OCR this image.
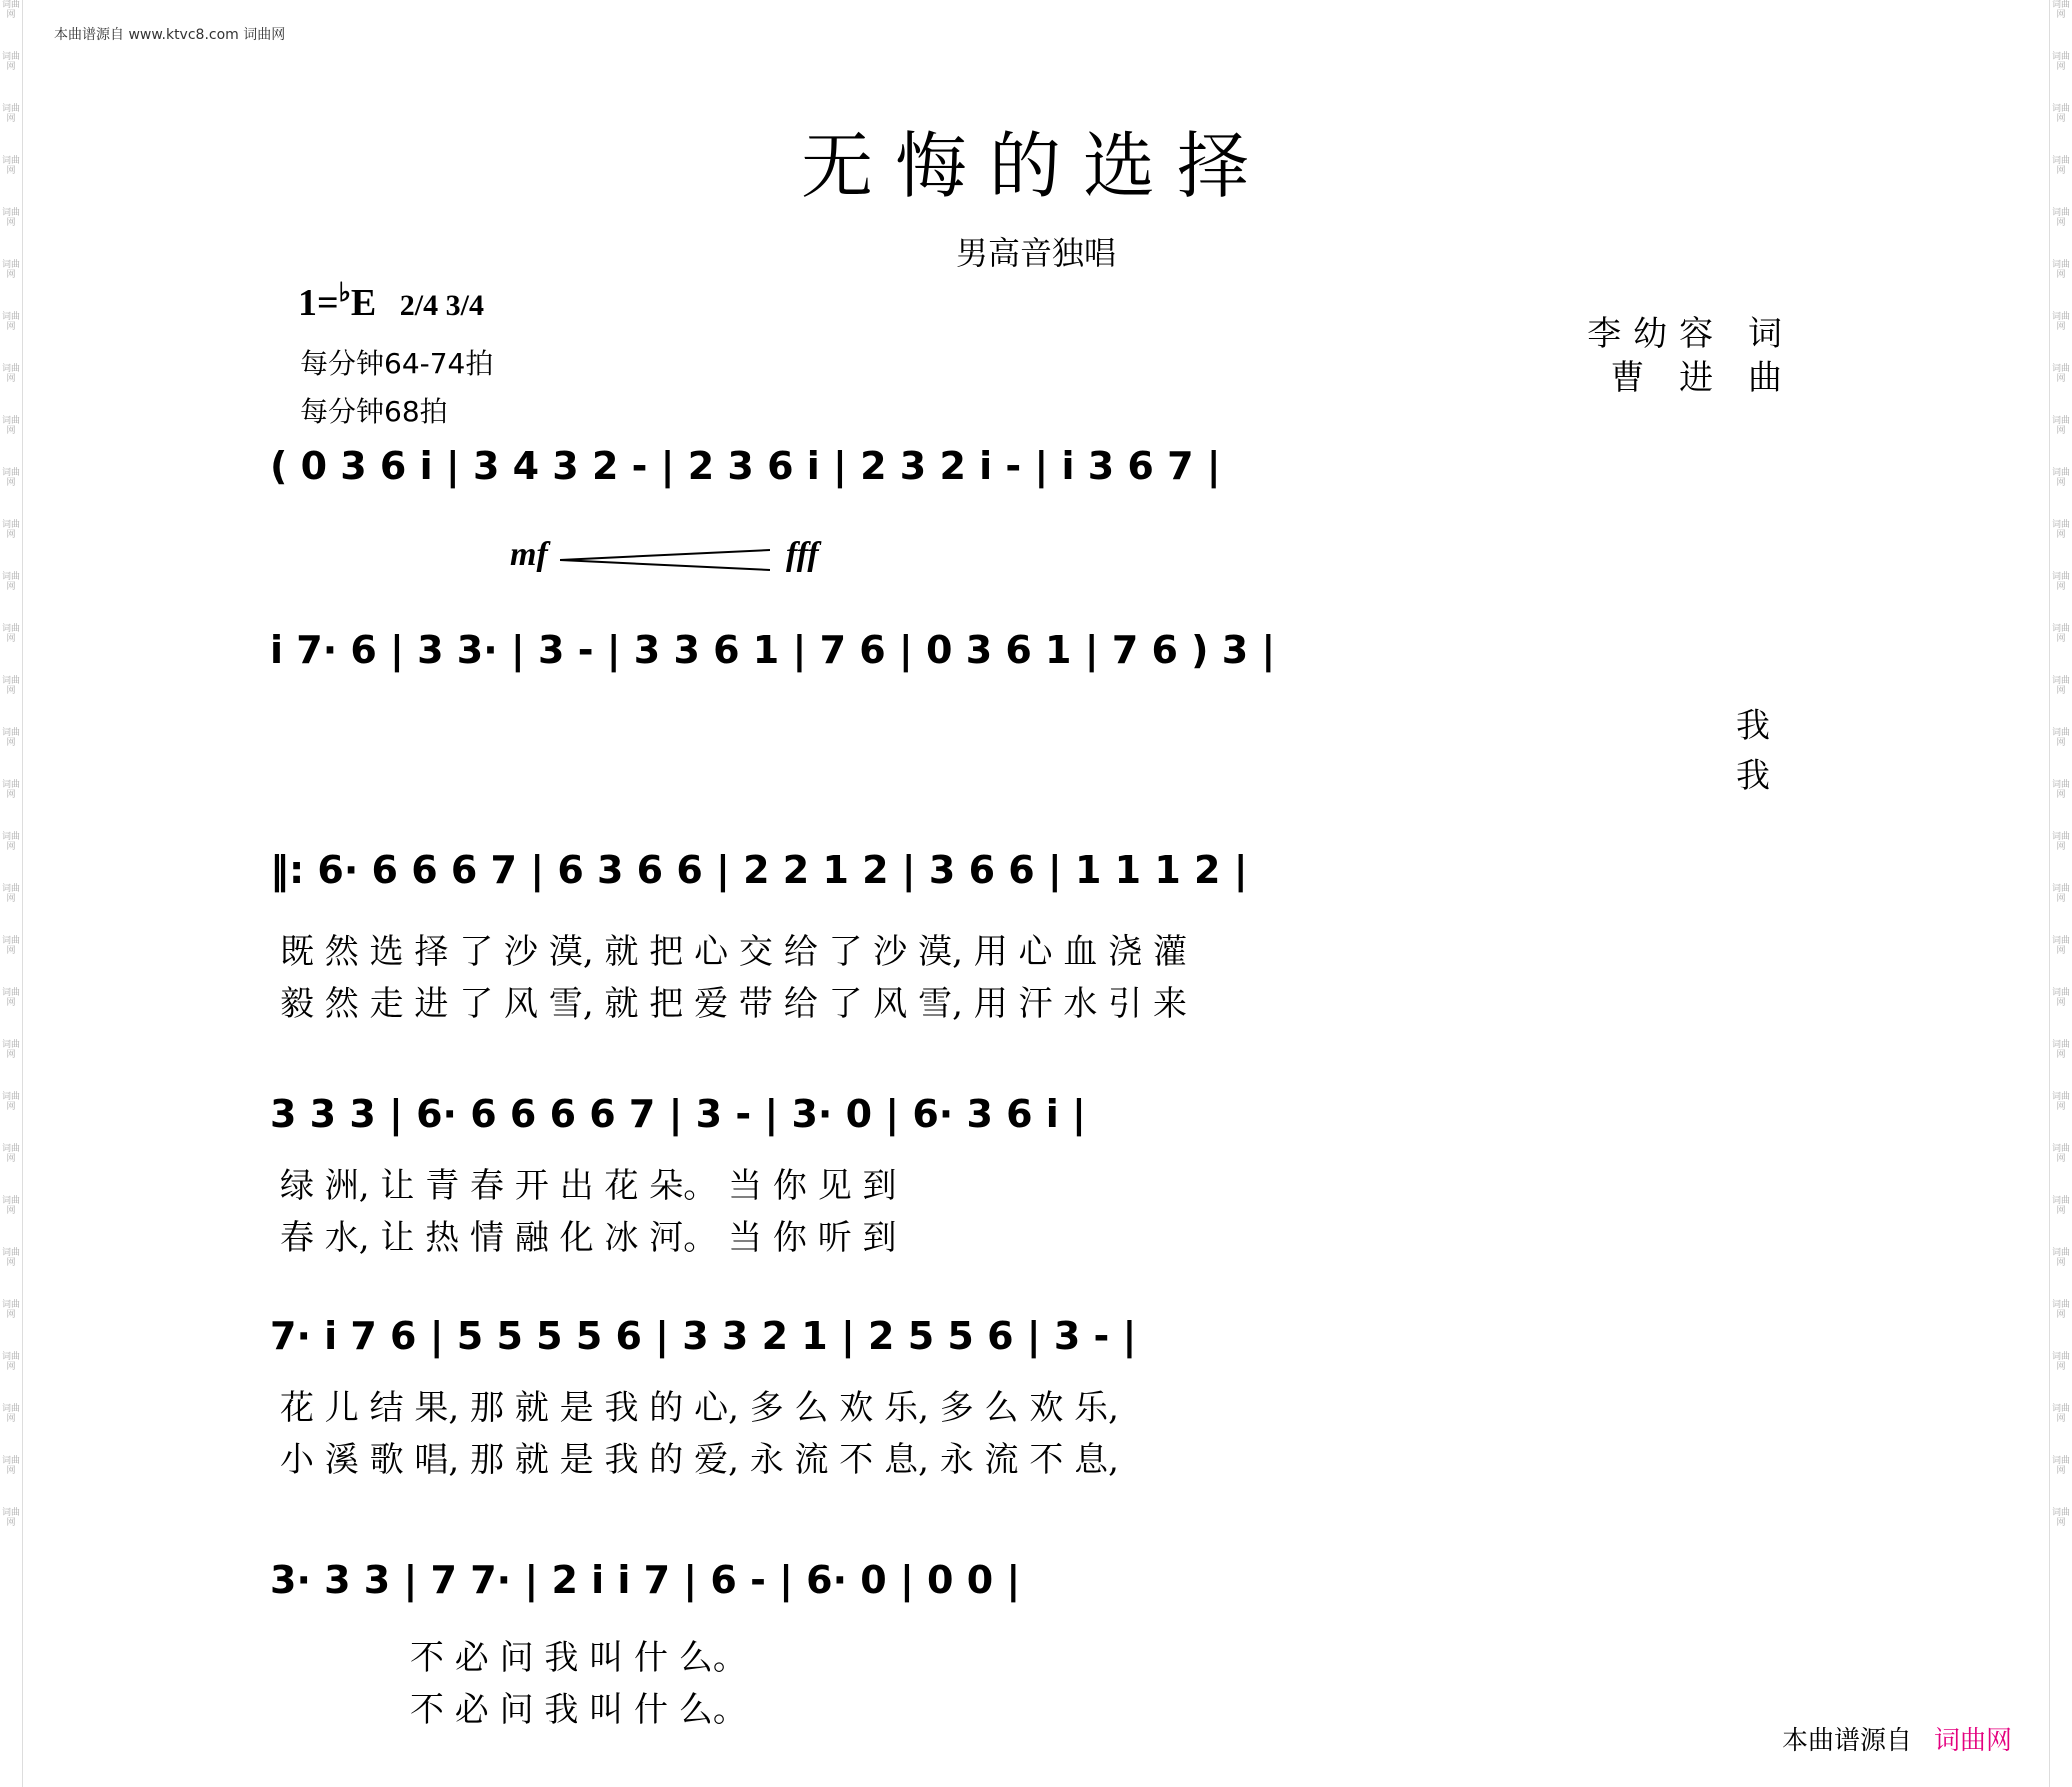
词曲网
词曲网
词曲网
词曲网
词曲网
词曲网
词曲网
词曲网
词曲网
词曲网
词曲网
词曲网
词曲网
词曲网
词曲网
词曲网
词曲网
词曲网
词曲网
词曲网
词曲网
词曲网
词曲网
词曲网
词曲网
词曲网
词曲网
词曲网
词曲网
词曲网
词曲网
词曲网
词曲网
词曲网
词曲网
词曲网
词曲网
词曲网
词曲网
词曲网
词曲网
词曲网
词曲网
词曲网
词曲网
词曲网
词曲网
词曲网
词曲网
词曲网
词曲网
词曲网
词曲网
词曲网
词曲网
词曲网
词曲网
词曲网
词曲网
词曲网
本曲谱源自 www.ktvc8.com 词曲网
无悔的选择
男高音独唱
1=♭E 2/4 3/4
每分钟64-74拍
每分钟68拍
李幼容 词
曹 进 曲
mf	fff
( 0 3 6 i | 3 4 3 2 - | 2 3 6 i | 2 3 2 i - | i 3 6 7 |
i 7· 6 | 3 3· | 3 - | 3 3 6 1 | 7 6 | 0 3 6 1 | 7 6 ) 3 |
我
我
‖: 6· 6 6 6 7 | 6 3 6 6 | 2 2 1 2 | 3 6 6 | 1 1 1 2 |
既 然 选 择 了 沙 漠, 就 把 心 交 给 了 沙 漠, 用 心 血 浇 灌
毅 然 走 进 了 风 雪, 就 把 爱 带 给 了 风 雪, 用 汗 水 引 来
3 3 3 | 6· 6 6 6 6 7 | 3 - | 3· 0 | 6· 3 6 i |
绿 洲, 让 青 春 开 出 花 朵。 当 你 见 到
春 水, 让 热 情 融 化 冰 河。 当 你 听 到
7· i 7 6 | 5 5 5 5 6 | 3 3 2 1 | 2 5 5 6 | 3 - |
花 儿 结 果, 那 就 是 我 的 心, 多 么 欢 乐, 多 么 欢 乐,
小 溪 歌 唱, 那 就 是 我 的 爱, 永 流 不 息, 永 流 不 息,
3· 3 3 | 7 7· | 2 i i 7 | 6 - | 6· 0 | 0 0 |
不 必 问 我 叫 什 么。
不 必 问 我 叫 什 么。
本曲谱源自 词曲网
